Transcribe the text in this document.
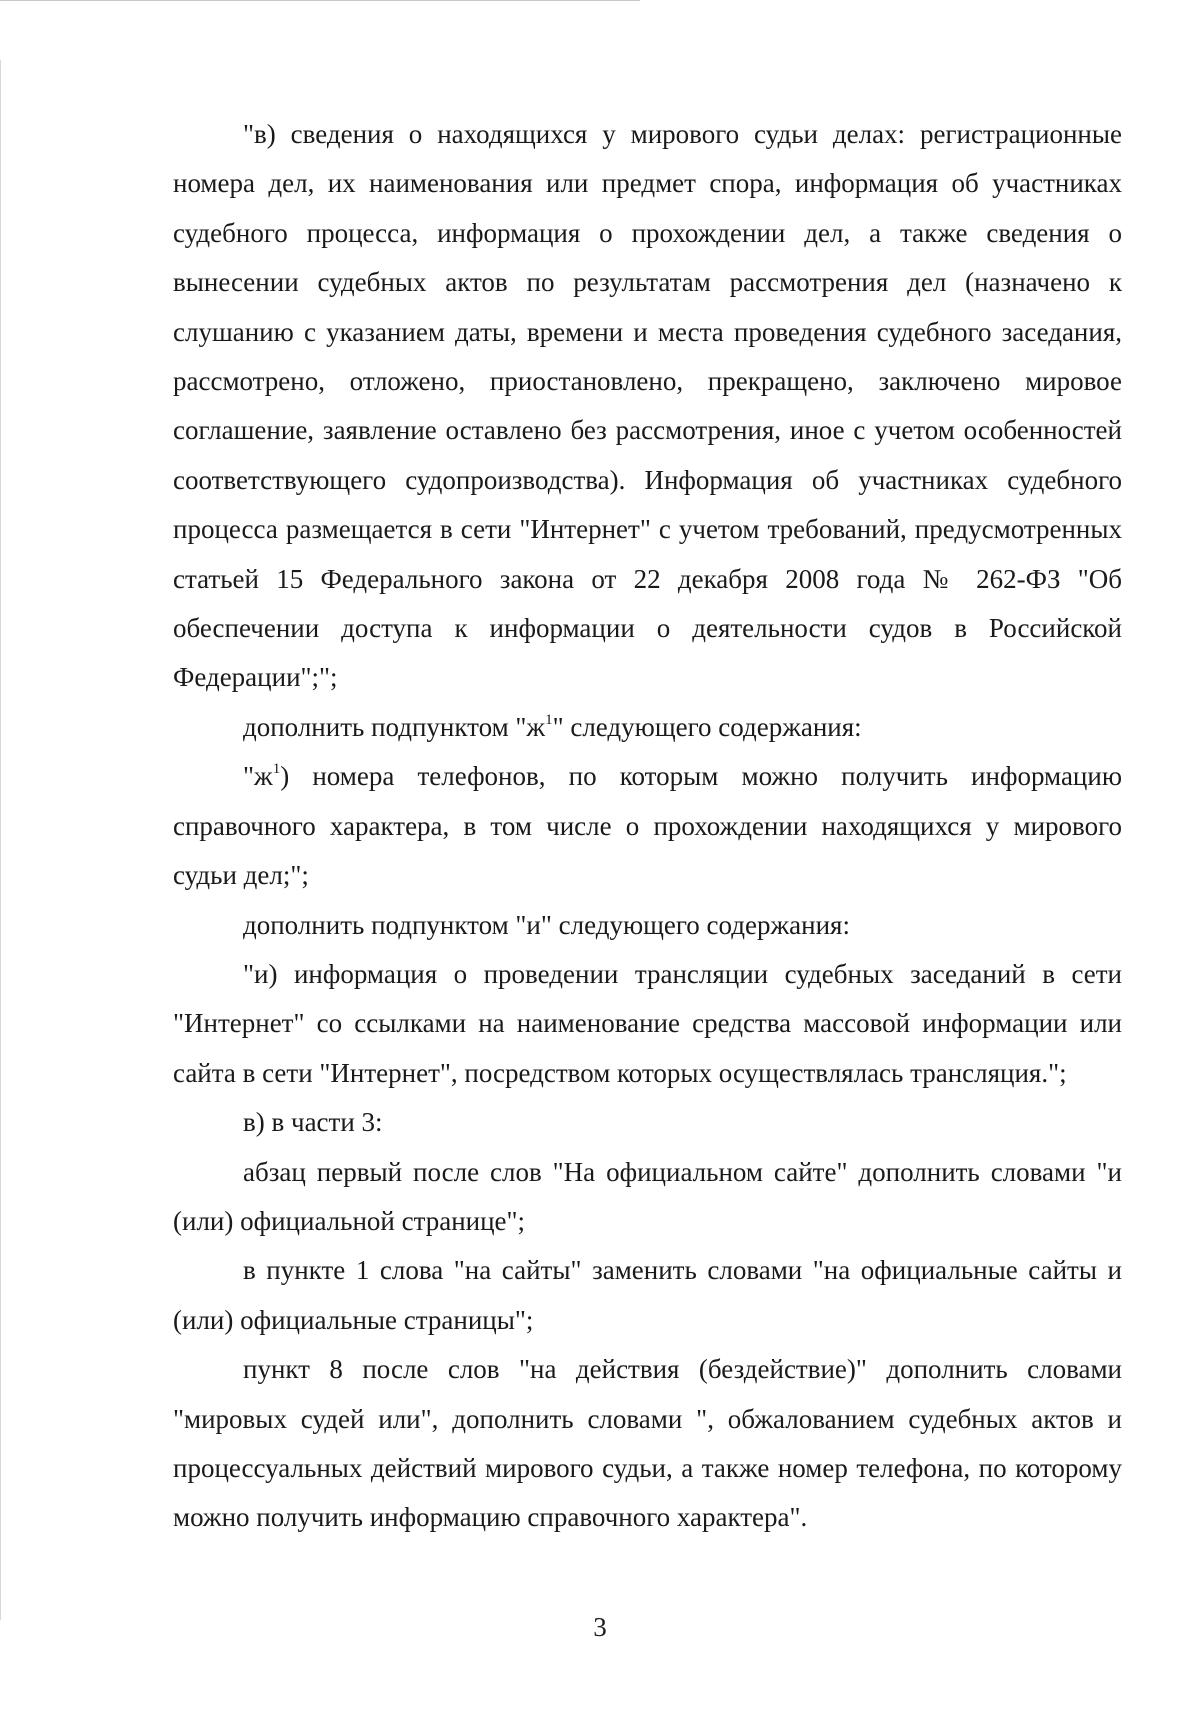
"в) сведения о находящихся у мирового судьи делах: регистрационные номера дел, их наименования или предмет спора, информация об участниках судебного процесса, информация о прохождении дел, а также сведения о вынесении судебных актов по результатам рассмотрения дел (назначено к слушанию с указанием даты, времени и места проведения судебного заседания, рассмотрено, отложено, приостановлено, прекращено, заключено мировое соглашение, заявление оставлено без рассмотрения, иное с учетом особенностей соответствующего судопроизводства). Информация об участниках судебного процесса размещается в сети "Интернет" с учетом требований, предусмотренных статьей 15 Федерального закона от 22 декабря 2008 года № 262-ФЗ "Об обеспечении доступа к информации о деятельности судов в Российской Федерации";";

дополнить подпунктом "$ж^1$" следующего содержания:

"$ж^1$) номера телефонов, по которым можно получить информацию справочного характера, в том числе о прохождении находящихся у мирового судьи дел;";

дополнить подпунктом "и" следующего содержания:

"и) информация о проведении трансляции судебных заседаний в сети "Интернет" со ссылками на наименование средства массовой информации или сайта в сети "Интернет", посредством которых осуществлялась трансляция.";

в) в части 3:

абзац первый после слов "На официальном сайте" дополнить словами "и (или) официальной странице";

в пункте 1 слова "на сайты" заменить словами "на официальные сайты и (или) официальные страницы";

пункт 8 после слов "на действия (бездействие)" дополнить словами "мировых судей или", дополнить словами ", обжалованием судебных актов и процессуальных действий мирового судьи, а также номер телефона, по которому можно получить информацию справочного характера".

3
